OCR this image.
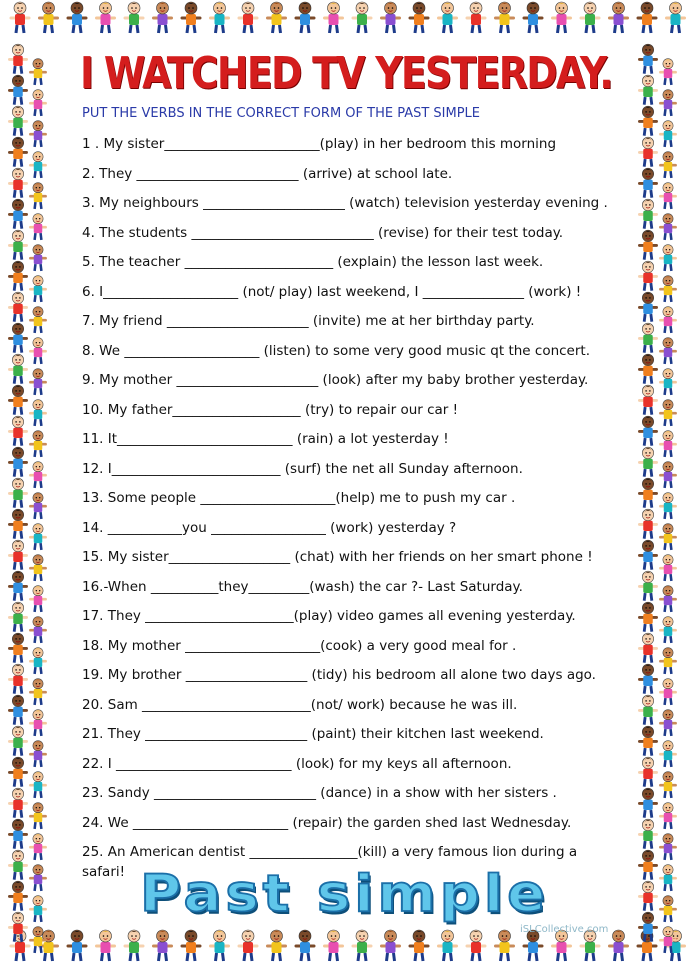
I WATCHED TV YESTERDAY.
PUT THE VERBS IN THE CORRECT FORM OF THE PAST SIMPLE
1 . My sister_______________________(play) in her bedroom this morning
2. They ________________________ (arrive) at school late.
3. My neighbours _____________________ (watch) television yesterday evening .
4. The students ___________________________ (revise) for their test today.
5. The teacher ______________________ (explain) the lesson last week.
6. I____________________ (not/ play) last weekend, I _______________ (work) !
7. My friend _____________________ (invite) me at her birthday party.
8. We ____________________ (listen) to some very good music qt the concert.
9. My mother _____________________ (look) after my baby brother yesterday.
10. My father___________________ (try) to repair our car !
11. It__________________________ (rain) a lot yesterday !
12. I_________________________ (surf) the net all Sunday afternoon.
13. Some people ____________________(help) me to push my car .
14. ___________you _________________ (work) yesterday ?
15. My sister__________________ (chat) with her friends on her smart phone !
16.-When __________they_________(wash) the car ?- Last Saturday.
17. They ______________________(play) video games all evening yesterday.
18. My mother ____________________(cook) a very good meal for .
19. My brother __________________ (tidy) his bedroom all alone two days ago.
20. Sam _________________________(not/ work) because he was ill.
21. They ________________________ (paint) their kitchen last weekend.
22. I __________________________ (look) for my keys all afternoon.
23. Sandy ________________________ (dance) in a show with her sisters .
24. We _______________________ (repair) the garden shed last Wednesday.
25. An American dentist ________________(kill) a very famous lion during a safari! Past simple
iSLCollective.com
